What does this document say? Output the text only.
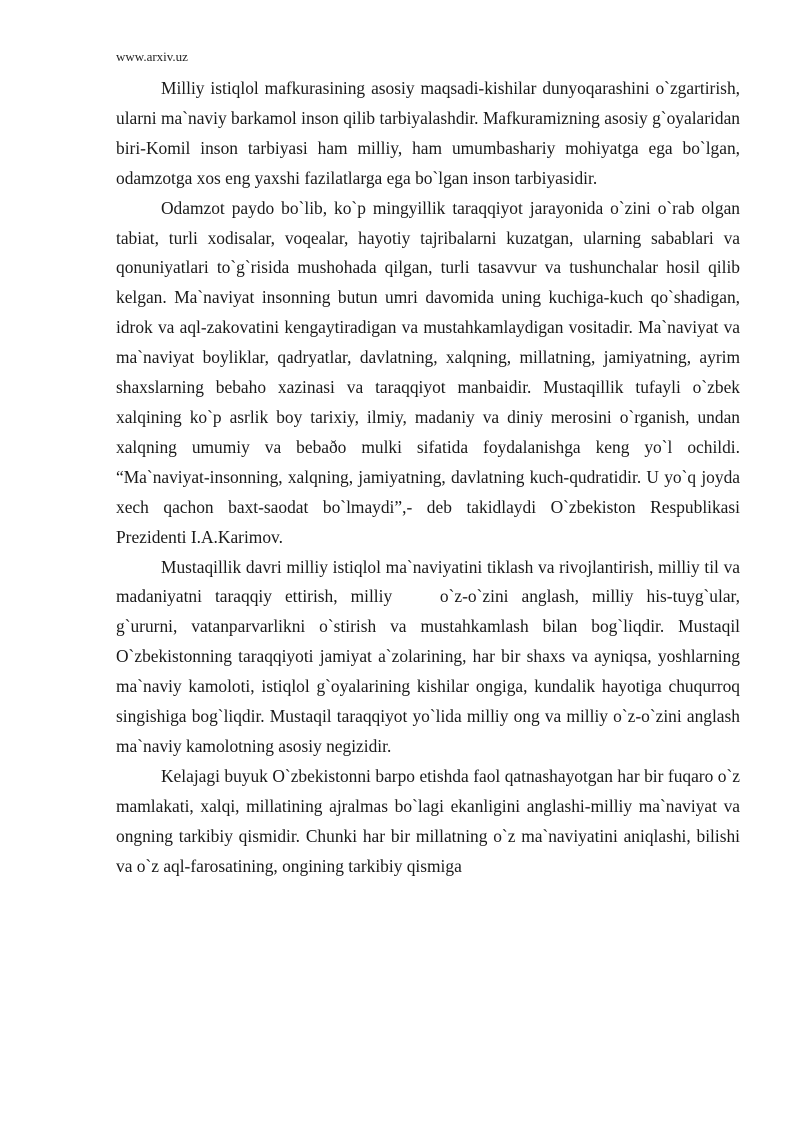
www.arxiv.uz

Milliy istiqlol mafkurasining asosiy maqsadi-kishilar dunyoqarashini o`zgartirish, ularni ma`naviy barkamol inson qilib tarbiyalashdir. Mafkuramizning asosiy g`oyalaridan biri-Komil inson tarbiyasi ham milliy, ham umumbashariy mohiyatga ega bo`lgan, odamzotga xos eng yaxshi fazilatlarga ega bo`lgan inson tarbiyasidir.

Odamzot paydo bo`lib, ko`p mingyillik taraqqiyot jarayonida o`zini o`rab olgan tabiat, turli xodisalar, voqealar, hayotiy tajribalarni kuzatgan, ularning sabablari va qonuniyatlari to`g`risida mushohada qilgan, turli tasavvur va tushunchalar hosil qilib kelgan. Ma`naviyat insonning butun umri davomida uning kuchiga-kuch qo`shadigan, idrok va aql-zakovatini kengaytiradigan va mustahkamlaydigan vositadir. Ma`naviyat va ma`naviyat boyliklar, qadryatlar, davlatning, xalqning, millatning, jamiyatning, ayrim shaxslarning bebaho xazinasi va taraqqiyot manbaidir. Mustaqillik tufayli o`zbek xalqining ko`p asrlik boy tarixiy, ilmiy, madaniy va diniy merosini o`rganish, undan xalqning umumiy va bebaðo mulki sifatida foydalanishga keng yo`l ochildi. “Ma`naviyat-insonning, xalqning, jamiyatning, davlatning kuch-qudratidir. U yo`q joyda xech qachon baxt-saodat bo`lmaydi”,- deb takidlaydi O`zbekiston Respublikasi Prezidenti I.A.Karimov.

Mustaqillik davri milliy istiqlol ma`naviyatini tiklash va rivojlantirish, milliy til va madaniyatni taraqqiy ettirish, milliy   o`z-o`zini anglash, milliy his-tuyg`ular, g`ururni, vatanparvarlikni o`stirish va mustahkamlash bilan bog`liqdir. Mustaqil O`zbekistonning taraqqiyoti jamiyat a`zolarining, har bir shaxs va ayniqsa, yoshlarning ma`naviy kamoloti, istiqlol g`oyalarining kishilar ongiga, kundalik hayotiga chuqurroq singishiga bog`liqdir. Mustaqil taraqqiyot yo`lida milliy ong va milliy o`z-o`zini anglash ma`naviy kamolotning asosiy negizidir.

Kelajagi buyuk O`zbekistonni barpo etishda faol qatnashayotgan har bir fuqaro o`z mamlakati, xalqi, millatining ajralmas bo`lagi ekanligini anglashi-milliy ma`naviyat va ongning tarkibiy qismidir. Chunki har bir millatning o`z ma`naviyatini aniqlashi, bilishi va o`z aql-farosatining, ongining tarkibiy qismiga
